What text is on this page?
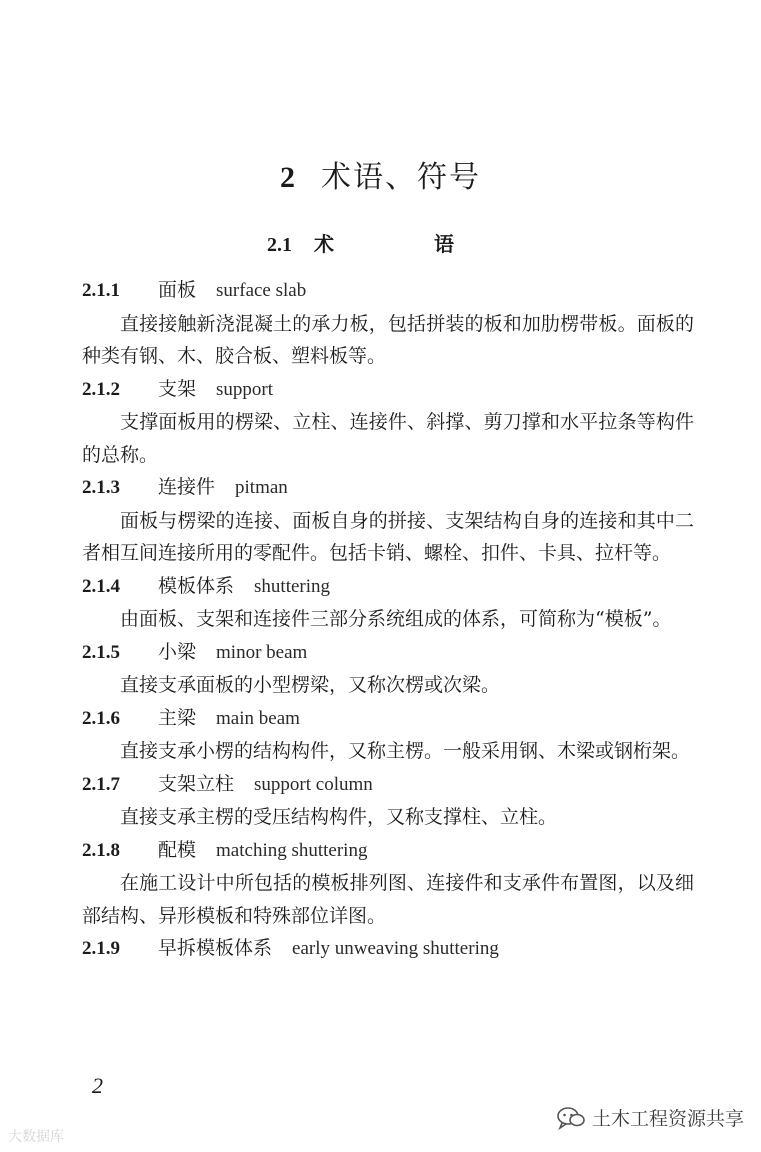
2 术语、符号
2.1 术　语
2.1.1 面板 surface slab
直接接触新浇混凝土的承力板，包括拼装的板和加肋楞带板。面板的种类有钢、木、胶合板、塑料板等。
2.1.2 支架 support
支撑面板用的楞梁、立柱、连接件、斜撑、剪刀撑和水平拉条等构件的总称。
2.1.3 连接件 pitman
面板与楞梁的连接、面板自身的拼接、支架结构自身的连接和其中二者相互间连接所用的零配件。包括卡销、螺栓、扣件、卡具、拉杆等。
2.1.4 模板体系 shuttering
由面板、支架和连接件三部分系统组成的体系，可简称为“模板”。
2.1.5 小梁 minor beam
直接支承面板的小型楞梁，又称次楞或次梁。
2.1.6 主梁 main beam
直接支承小楞的结构构件，又称主楞。一般采用钢、木梁或钢桁架。
2.1.7 支架立柱 support column
直接支承主楞的受压结构构件，又称支撑柱、立柱。
2.1.8 配模 matching shuttering
在施工设计中所包括的模板排列图、连接件和支承件布置图，以及细部结构、异形模板和特殊部位详图。
2.1.9 早拆模板体系 early unweaving shuttering
2
大数据库
土木工程资源共享
